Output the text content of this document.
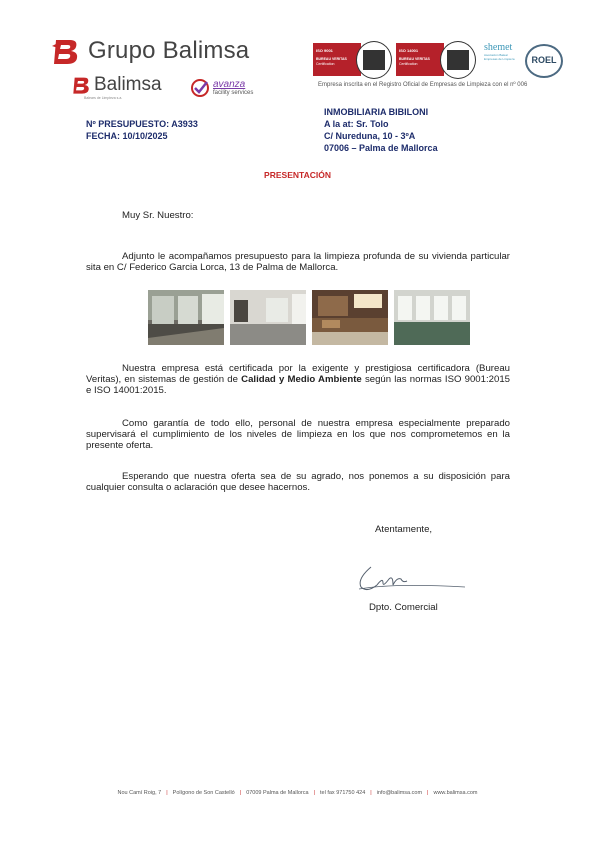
Grupo Balimsa
Balimsa
Balears de Limpieza s.a.
avanza
facility services
ISO 9001
BUREAU VERITAS
Certification
ISO 14001
BUREAU VERITAS
Certification
shemet
Asociación Balear Empresas de Limpieza	ROEL
Empresa inscrita en el Registro Oficial de Empresas de Limpieza con el nº 006
Nº PRESUPUESTO: A3933
FECHA: 10/10/2025
INMOBILIARIA BIBILONI
A la at: Sr. Tolo
C/ Nureduna, 10 - 3ºA
07006 – Palma de Mallorca
PRESENTACIÓN
Muy Sr. Nuestro:
Adjunto le acompañamos presupuesto para la limpieza profunda de su vivienda particular sita en C/ Federico Garcia Lorca, 13 de Palma de Mallorca.
Nuestra empresa está certificada por la exigente y prestigiosa certificadora (Bureau Veritas), en sistemas de gestión de Calidad y Medio Ambiente según las normas ISO 9001:2015 e ISO 14001:2015.
Como garantía de todo ello, personal de nuestra empresa especialmente preparado supervisará el cumplimiento de los niveles de limpieza en los que nos comprometemos en la presente oferta.
Esperando que nuestra oferta sea de su agrado, nos ponemos a su disposición para cualquier consulta o aclaración que desee hacernos.
Atentamente,
Dpto. Comercial
Nou Camí Roig, 7 | Polígono de Son Castelló | 07009 Palma de Mallorca | tel fax 971750 424 | info@balimsa.com | www.balimsa.com
